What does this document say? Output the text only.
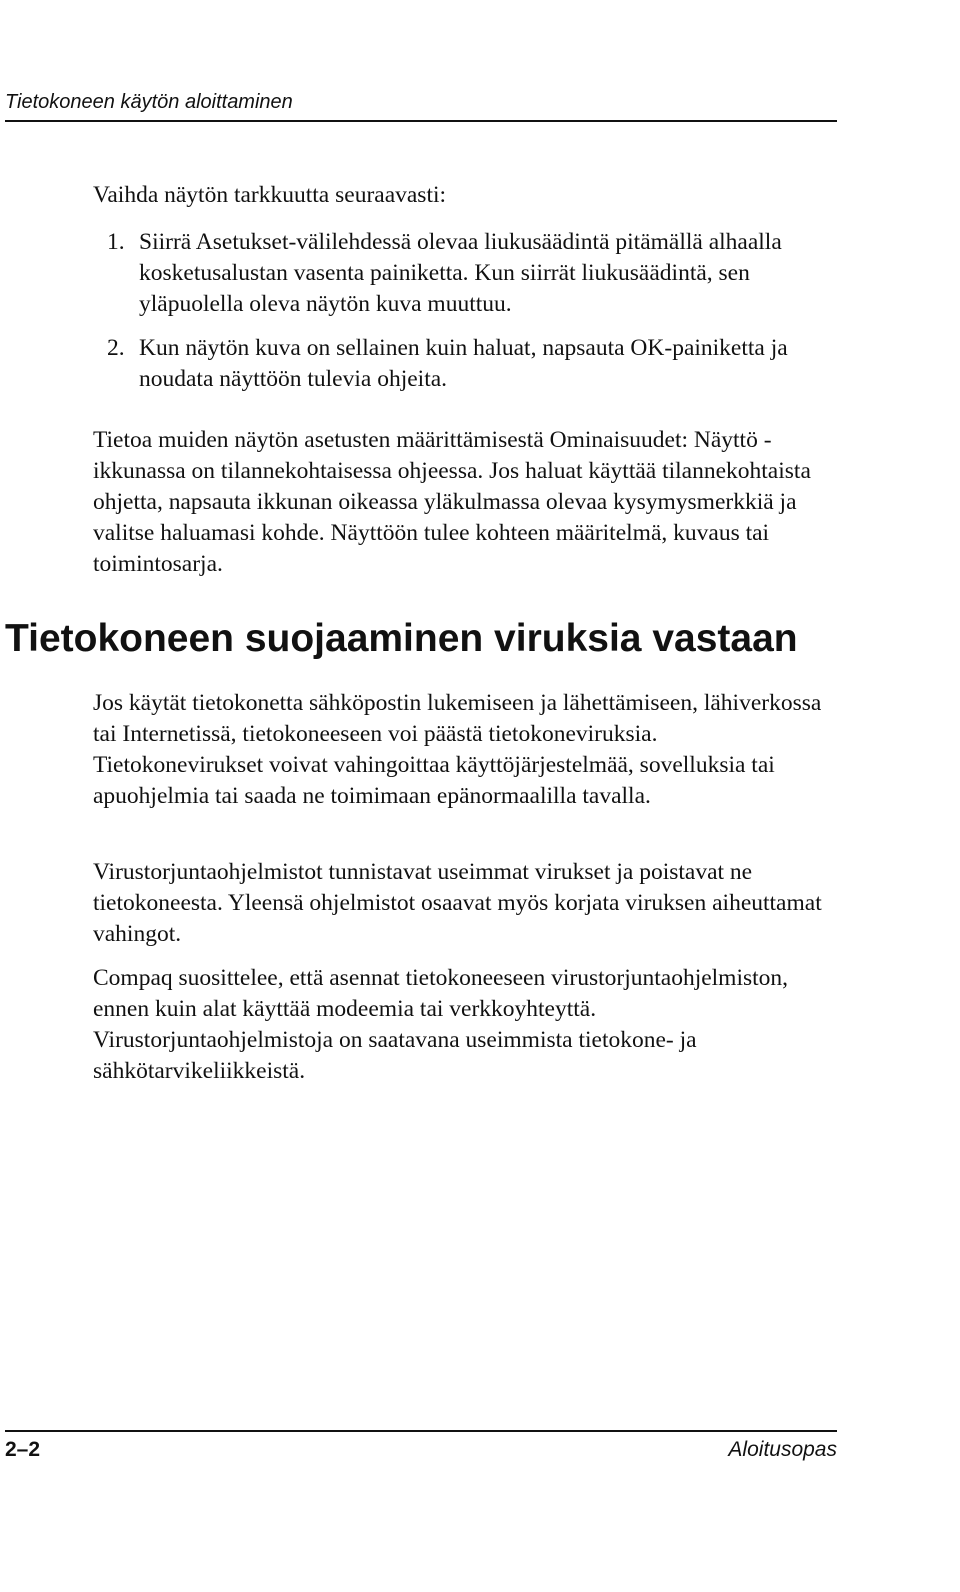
Tietokoneen käytön aloittaminen

Vaihda näytön tarkkuutta seuraavasti:

1. Siirrä Asetukset-välilehdessä olevaa liukusäädintä pitämällä alhaalla kosketusalustan vasenta painiketta. Kun siirrät liukusäädintä, sen yläpuolella oleva näytön kuva muuttuu.
2. Kun näytön kuva on sellainen kuin haluat, napsauta OK-painiketta ja noudata näyttöön tulevia ohjeita.

Tietoa muiden näytön asetusten määrittämisestä Ominaisuudet: Näyttö -ikkunassa on tilannekohtaisessa ohjeessa. Jos haluat käyttää tilannekohtaista ohjetta, napsauta ikkunan oikeassa yläkulmassa olevaa kysymysmerkkiä ja valitse haluamasi kohde. Näyttöön tulee kohteen määritelmä, kuvaus tai toimintosarja.

Tietokoneen suojaaminen viruksia vastaan

Jos käytät tietokonetta sähköpostin lukemiseen ja lähettämiseen, lähiverkossa tai Internetissä, tietokoneeseen voi päästä tietokoneviruksia. Tietokonevirukset voivat vahingoittaa käyttöjärjestelmää, sovelluksia tai apuohjelmia tai saada ne toimimaan epänormaalilla tavalla.

Virustorjuntaohjelmistot tunnistavat useimmat virukset ja poistavat ne tietokoneesta. Yleensä ohjelmistot osaavat myös korjata viruksen aiheuttamat vahingot.

Compaq suosittelee, että asennat tietokoneeseen virustorjuntaohjelmiston, ennen kuin alat käyttää modeemia tai verkkoyhteyttä. Virustorjuntaohjelmistoja on saatavana useimmista tietokone- ja sähkötarvikeliikkeistä.

2–2	Aloitusopas
